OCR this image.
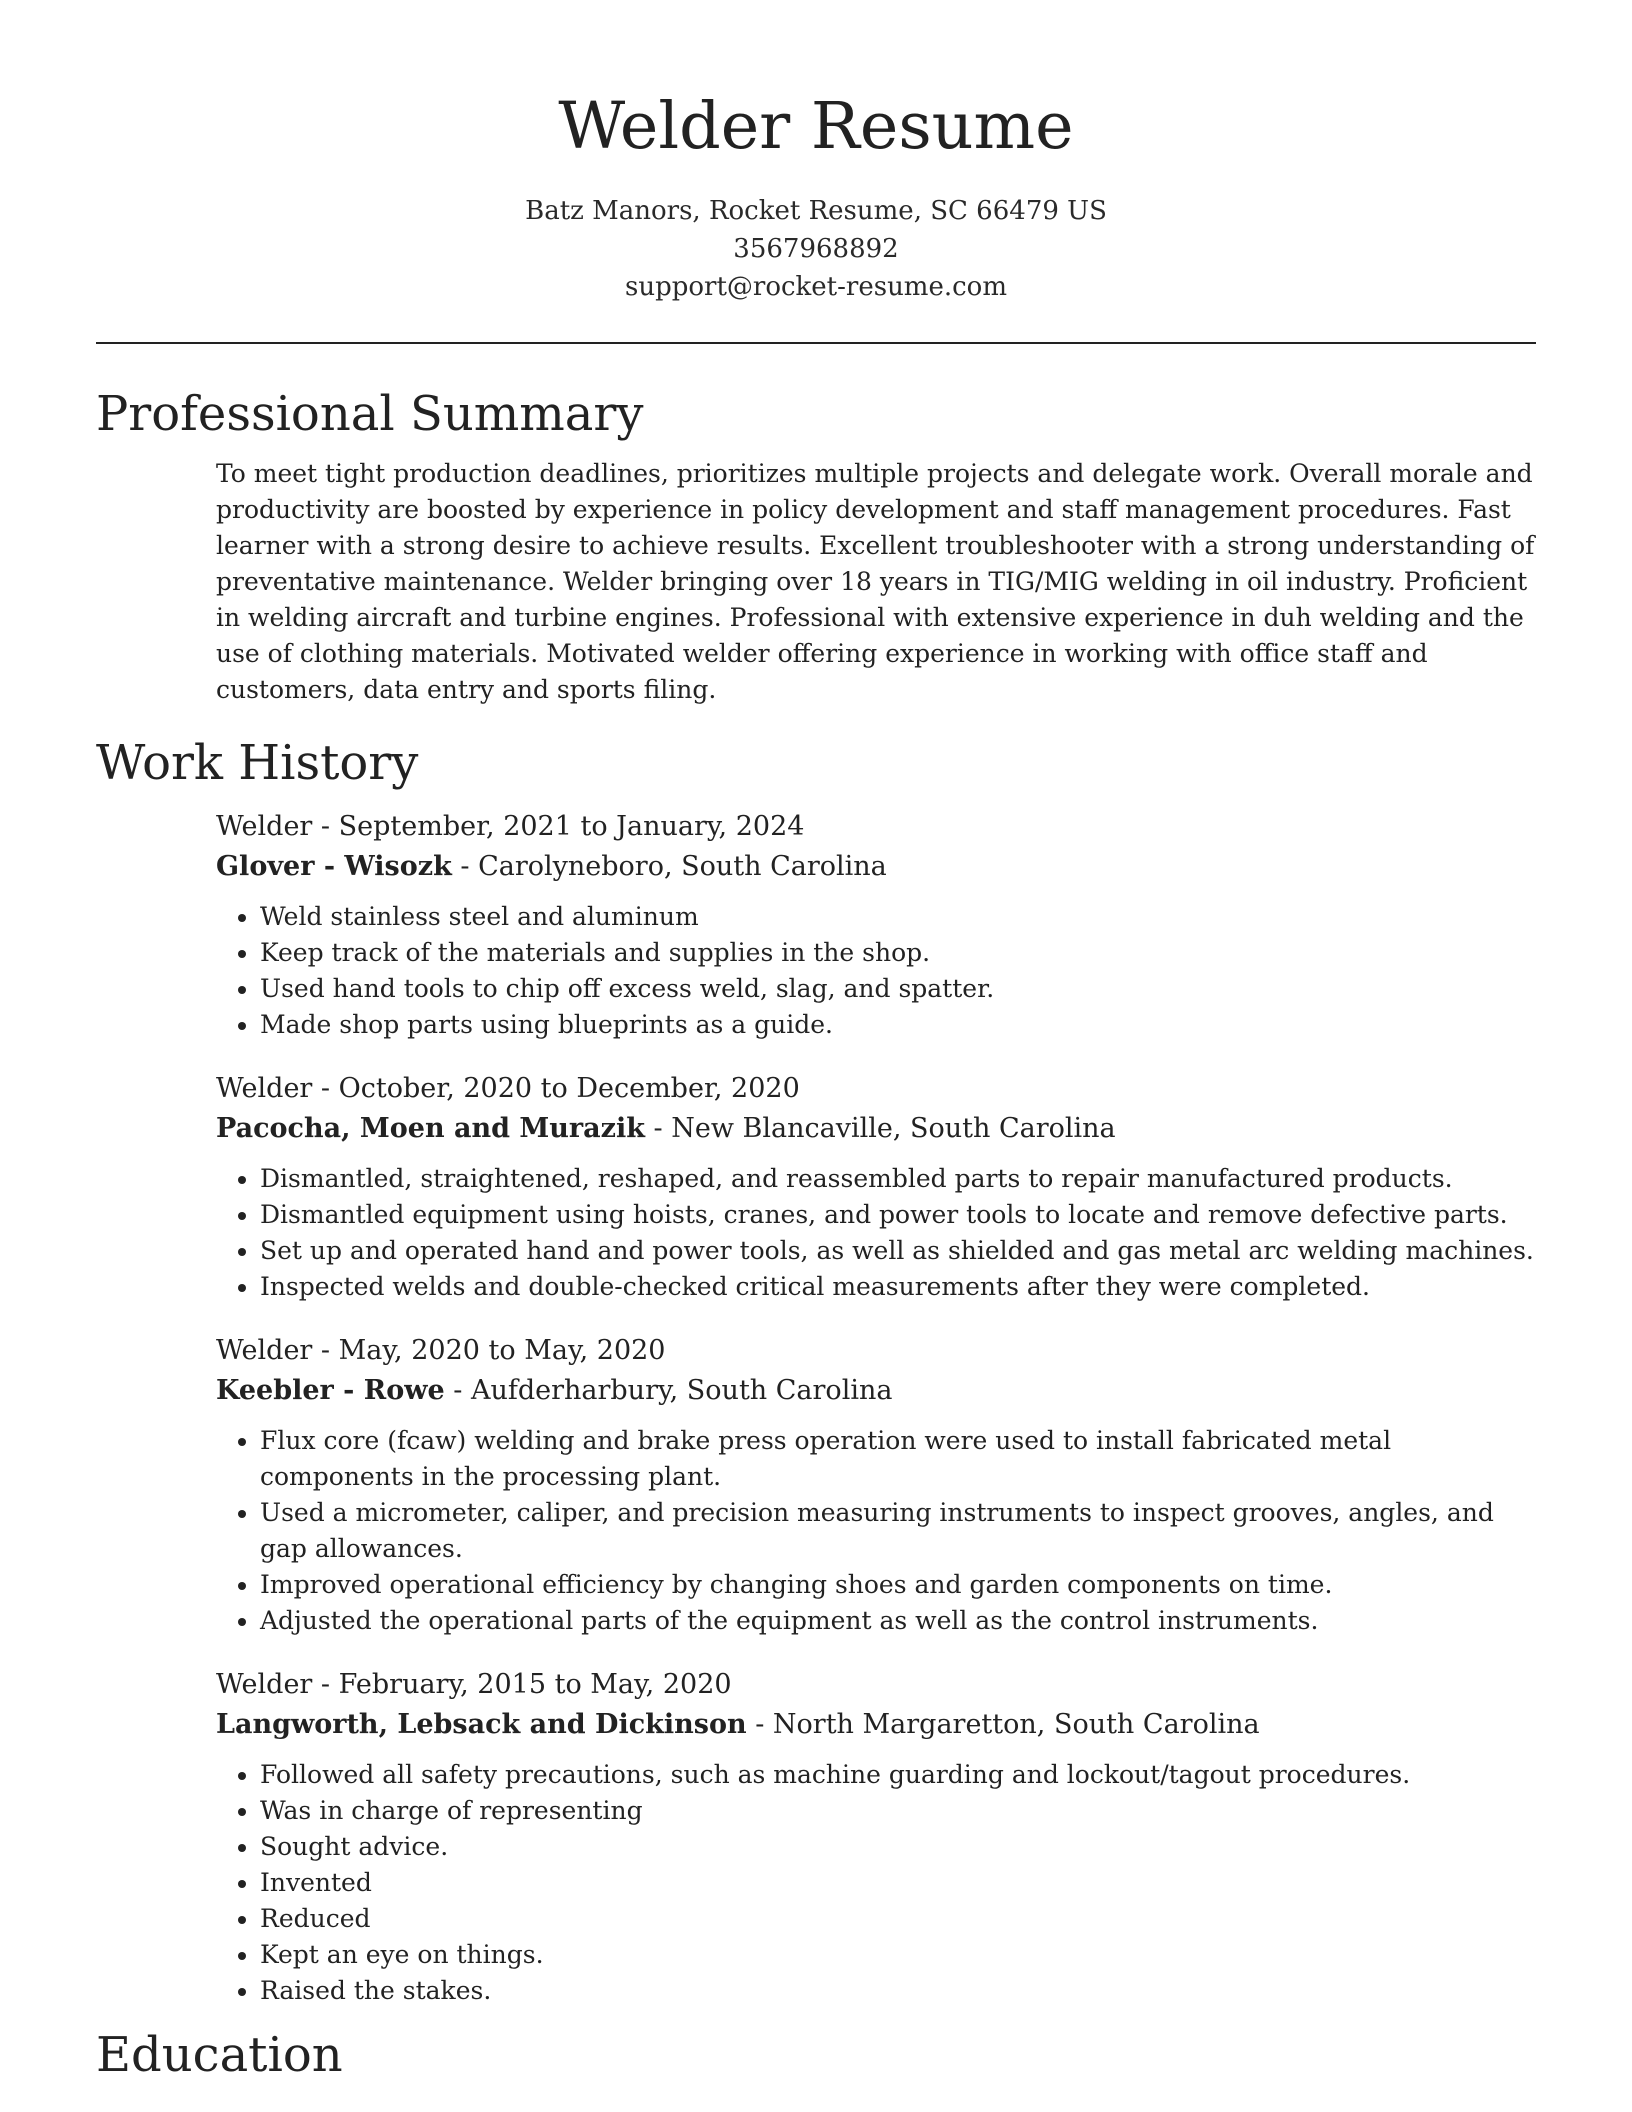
Welder Resume
Batz Manors, Rocket Resume, SC 66479 US
3567968892
support@rocket-resume.com
Professional Summary

To meet tight production deadlines, prioritizes multiple projects and delegate work. Overall morale and productivity are boosted by experience in policy development and staff management procedures. Fast learner with a strong desire to achieve results. Excellent troubleshooter with a strong understanding of preventative maintenance. Welder bringing over 18 years in TIG/MIG welding in oil industry. Proficient in welding aircraft and turbine engines. Professional with extensive experience in duh welding and the use of clothing materials. Motivated welder offering experience in working with office staff and customers, data entry and sports filing.

Work History
Welder - September, 2021 to January, 2024
Glover - Wisozk - Carolyneboro, South Carolina
• Weld stainless steel and aluminum
• Keep track of the materials and supplies in the shop.
• Used hand tools to chip off excess weld, slag, and spatter.
• Made shop parts using blueprints as a guide.
Welder - October, 2020 to December, 2020
Pacocha, Moen and Murazik - New Blancaville, South Carolina
• Dismantled, straightened, reshaped, and reassembled parts to repair manufactured products.
• Dismantled equipment using hoists, cranes, and power tools to locate and remove defective parts.
• Set up and operated hand and power tools, as well as shielded and gas metal arc welding machines.
• Inspected welds and double-checked critical measurements after they were completed.
Welder - May, 2020 to May, 2020
Keebler - Rowe - Aufderharbury, South Carolina
• Flux core (fcaw) welding and brake press operation were used to install fabricated metal components in the processing plant.
• Used a micrometer, caliper, and precision measuring instruments to inspect grooves, angles, and gap allowances.
• Improved operational efficiency by changing shoes and garden components on time.
• Adjusted the operational parts of the equipment as well as the control instruments.
Welder - February, 2015 to May, 2020
Langworth, Lebsack and Dickinson - North Margaretton, South Carolina
• Followed all safety precautions, such as machine guarding and lockout/tagout procedures.
• Was in charge of representing
• Sought advice.
• Invented
• Reduced
• Kept an eye on things.
• Raised the stakes.
Education
